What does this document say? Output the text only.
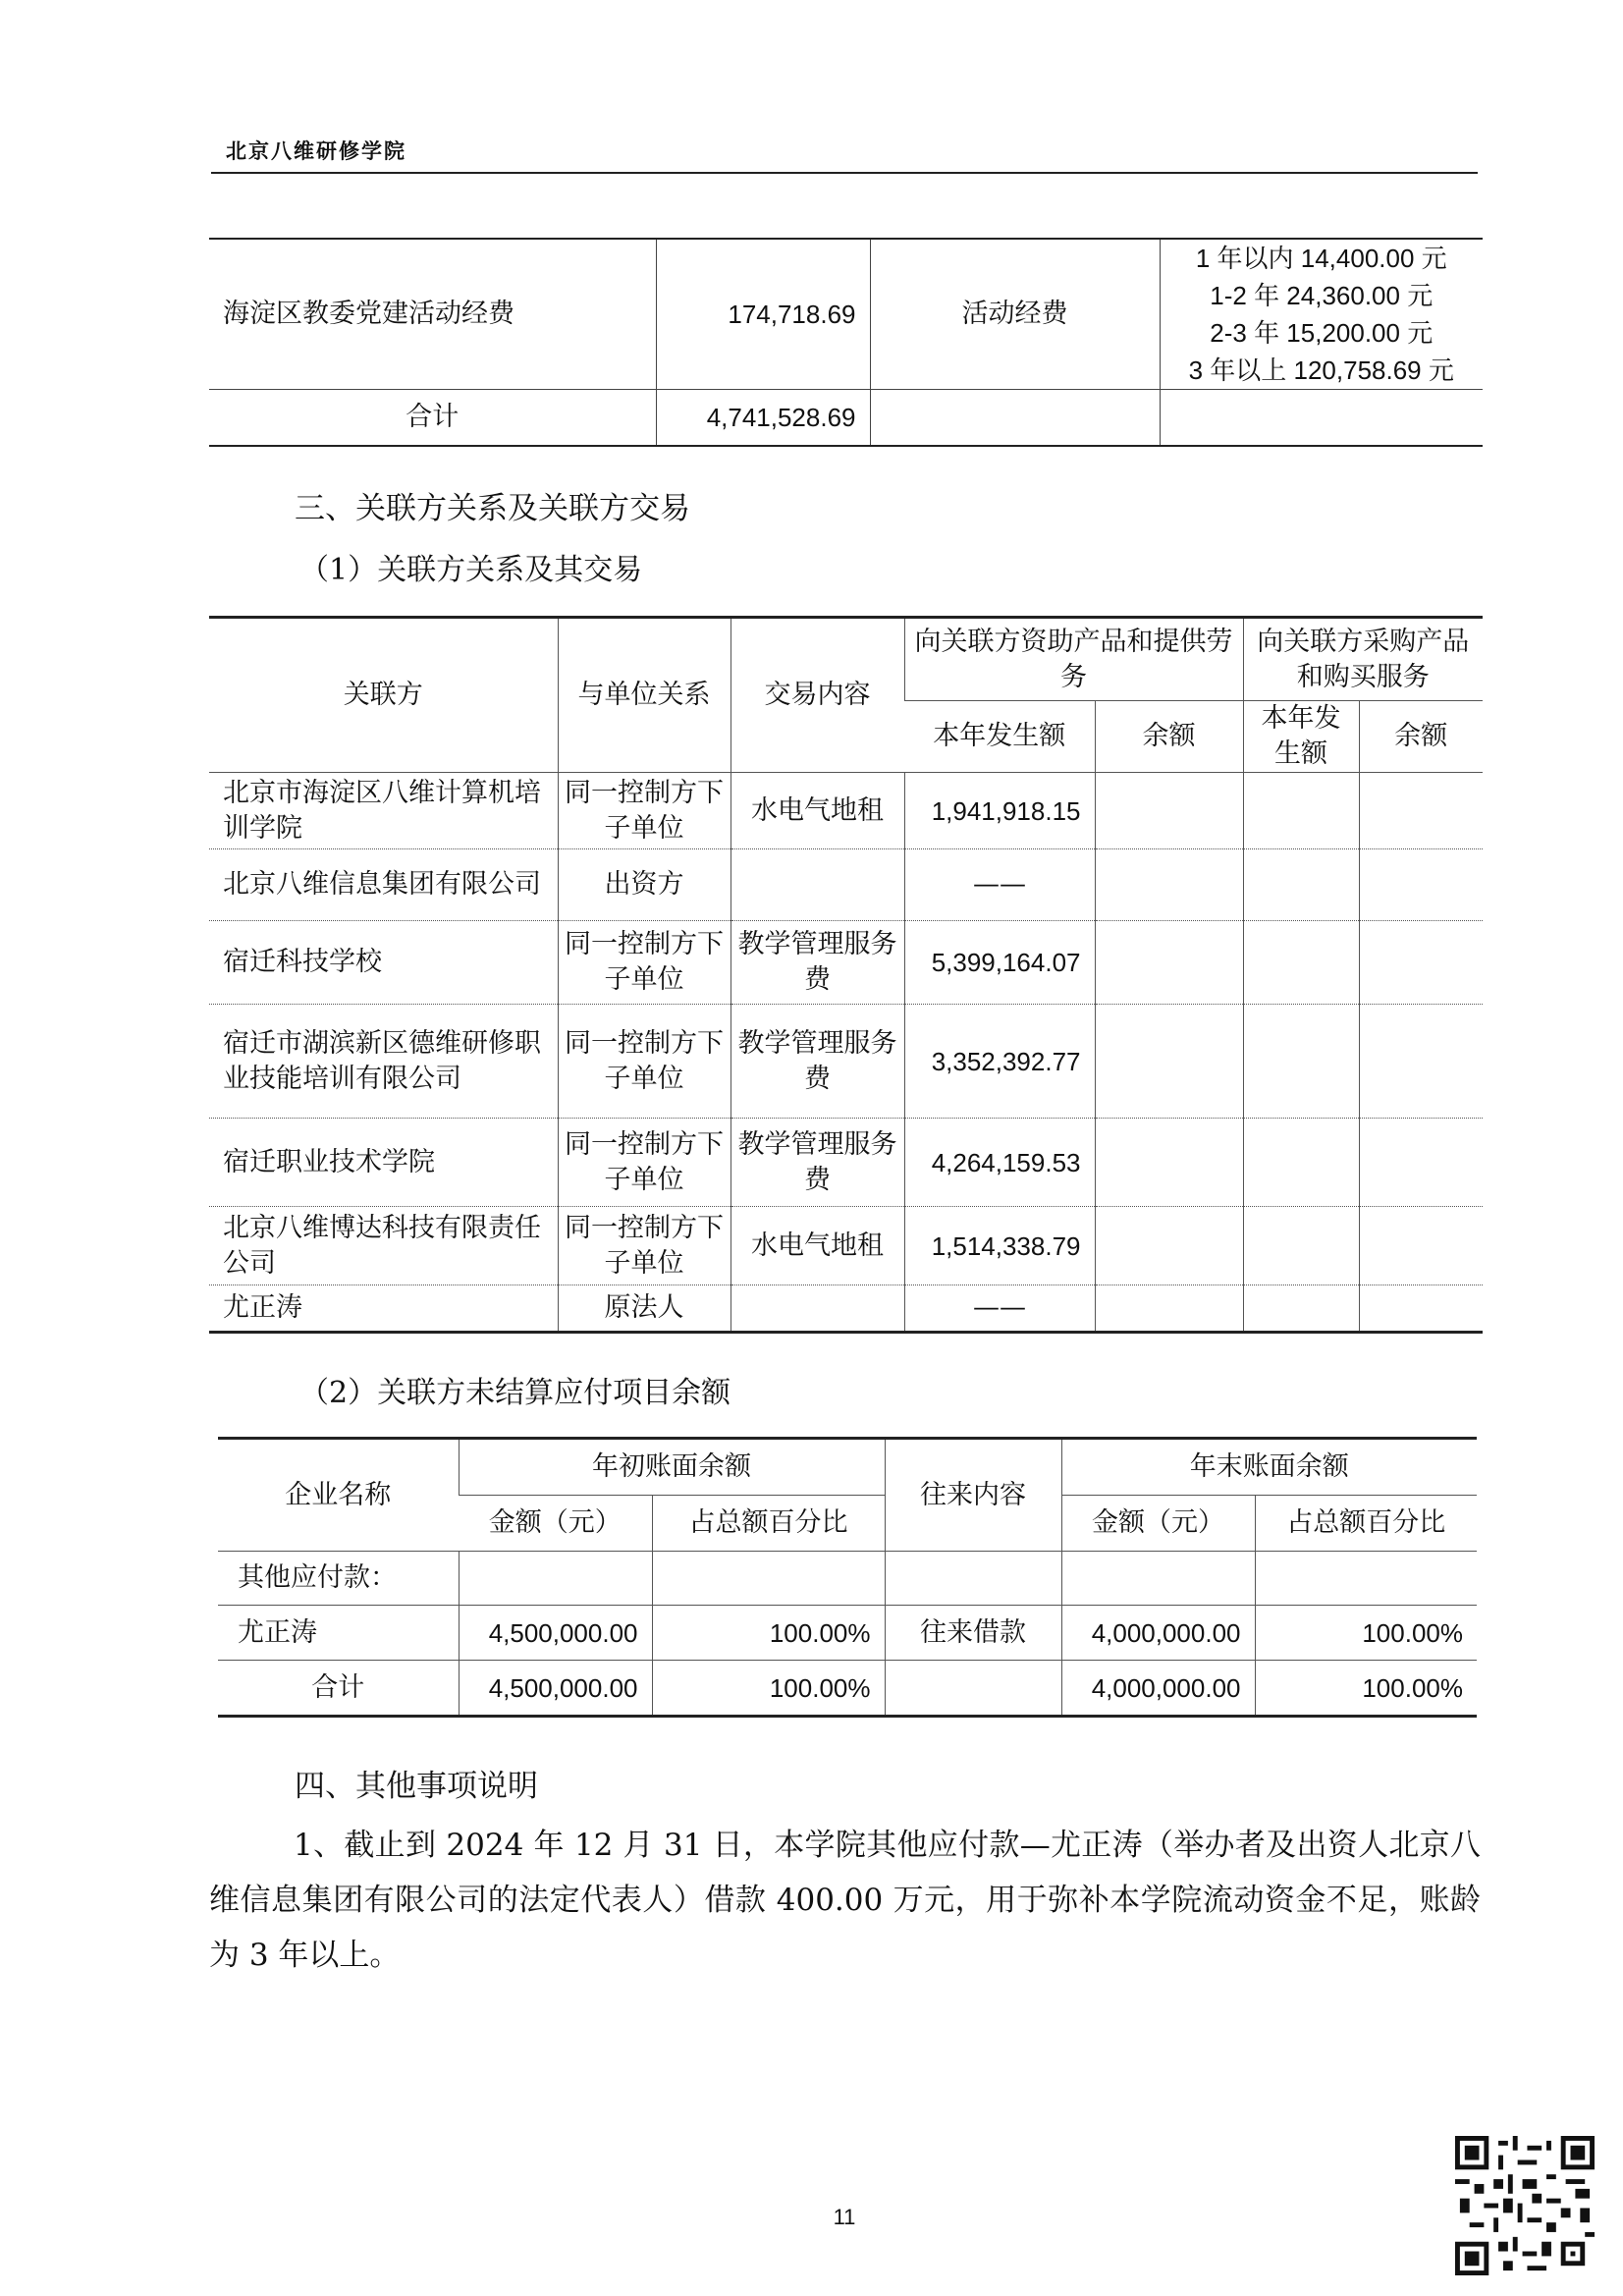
北京八维研修学院
海淀区教委党建活动经费	174,718.69	活动经费	1 年以内 14,400.00 元
1-2 年 24,360.00 元
2-3 年 15,200.00 元
3 年以上 120,758.69 元

合计	4,741,528.69		
三、关联方关系及关联方交易
（1）关联方关系及其交易
关联方	与单位关系	交易内容	向关联方资助产品和提供劳务		向关联方采购产品和购买服务	
			本年发生额	余额	本年发生额	余额
北京市海淀区八维计算机培训学院	同一控制方下子单位	水电气地租	1,941,918.15			
北京八维信息集团有限公司	出资方		——			
宿迁科技学校	同一控制方下子单位	教学管理服务费	5,399,164.07			
宿迁市湖滨新区德维研修职业技能培训有限公司	同一控制方下子单位	教学管理服务费	3,352,392.77			
宿迁职业技术学院	同一控制方下子单位	教学管理服务费	4,264,159.53			
北京八维博达科技有限责任公司	同一控制方下子单位	水电气地租	1,514,338.79			
尤正涛	原法人		——			
（2）关联方未结算应付项目余额
企业名称	年初账面余额		往来内容	年末账面余额	
	金额（元）	占总额百分比		金额（元）	占总额百分比
其他应付款：					
尤正涛	4,500,000.00	100.00%	往来借款	4,000,000.00	100.00%
合计	4,500,000.00	100.00%		4,000,000.00	100.00%
四、其他事项说明
1、截止到 2024 年 12 月 31 日，本学院其他应付款—尤正涛（举办者及出资人北京八维信息集团有限公司的法定代表人）借款 400.00 万元，用于弥补本学院流动资金不足，账龄为 3 年以上。
11
